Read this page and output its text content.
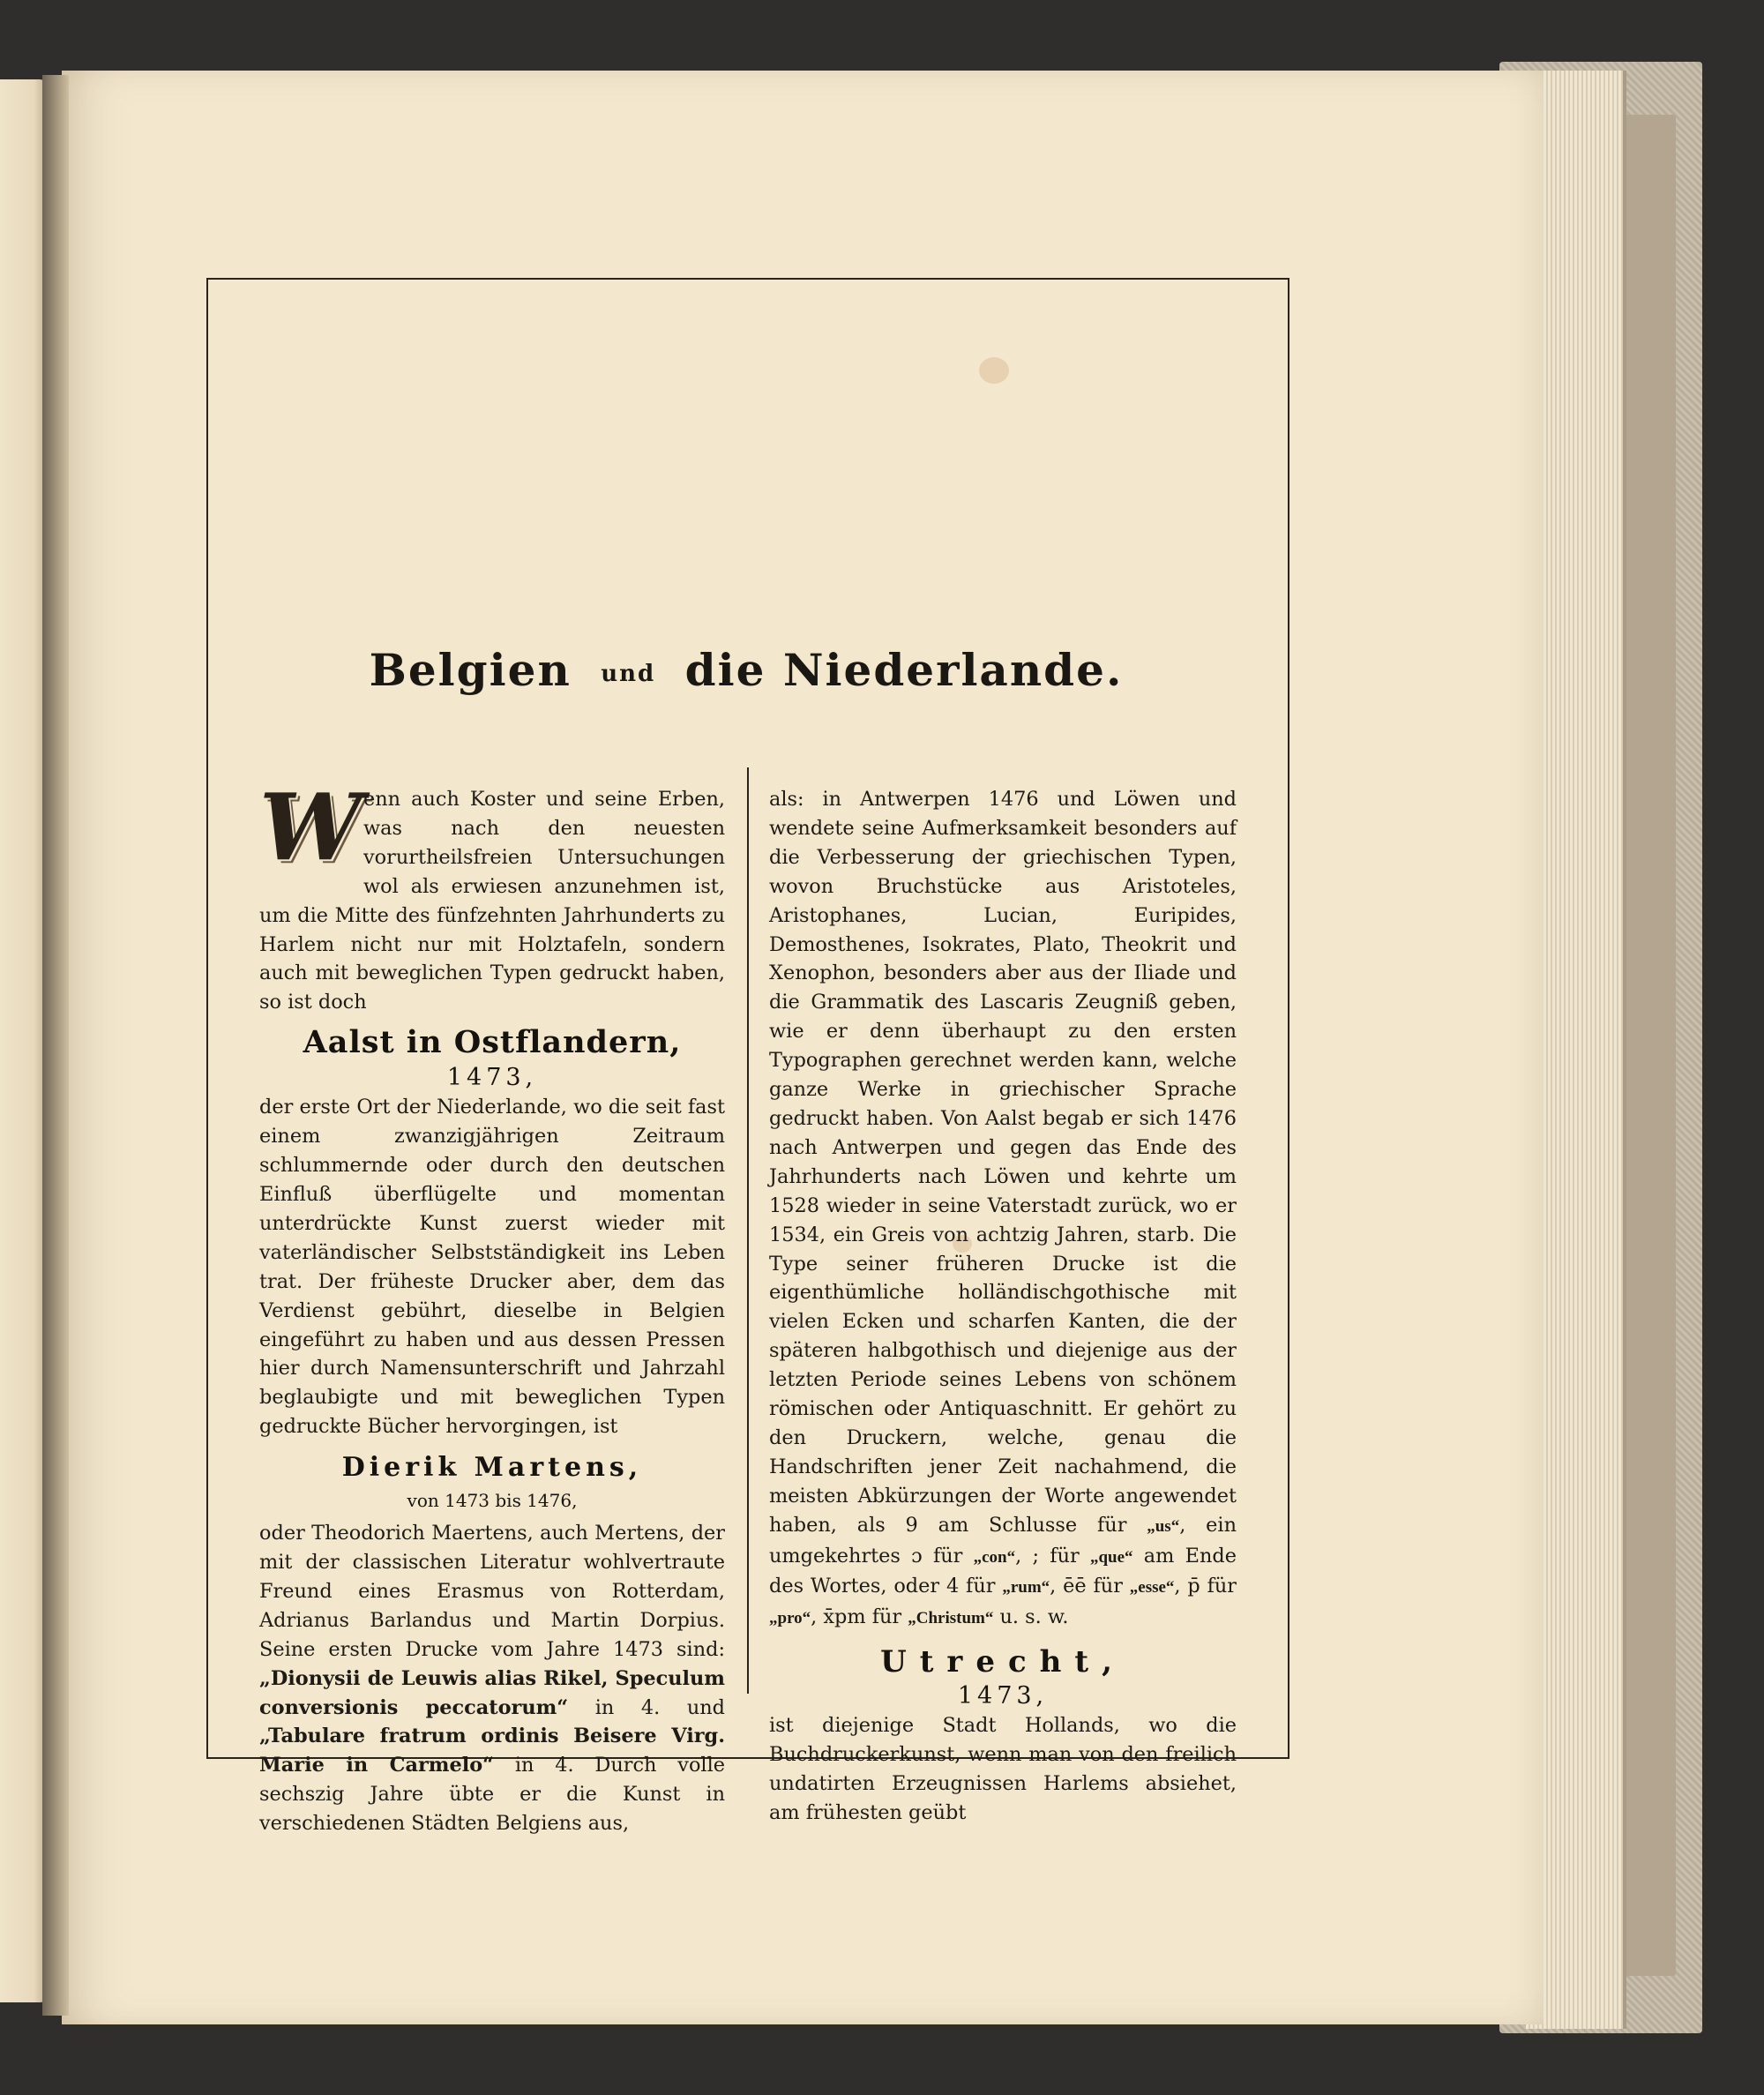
Belgien und die Niederlande.

W enn auch Koster und seine Erben, was nach den neuesten vorurtheilsfreien Untersuchungen wol als erwiesen anzunehmen ist, um die Mitte des fünfzehnten Jahrhunderts zu Harlem nicht nur mit Holztafeln, sondern auch mit beweglichen Typen gedruckt haben, so ist doch

Aalst in Ostflandern,
1473,

der erste Ort der Niederlande, wo die seit fast einem zwanzigjährigen Zeitraum schlummernde oder durch den deutschen Einfluß überflügelte und momentan unterdrückte Kunst zuerst wieder mit vaterländischer Selbstständigkeit ins Leben trat. Der früheste Drucker aber, dem das Verdienst gebührt, dieselbe in Belgien eingeführt zu haben und aus dessen Pressen hier durch Namensunterschrift und Jahrzahl beglaubigte und mit beweglichen Typen gedruckte Bücher hervorgingen, ist

Dierik Martens,
von 1473 bis 1476,

oder Theodorich Maertens, auch Mertens, der mit der classischen Literatur wohlvertraute Freund eines Erasmus von Rotterdam, Adrianus Barlandus und Martin Dorpius. Seine ersten Drucke vom Jahre 1473 sind: „Dionysii de Leuwis alias Rikel, Speculum conversionis peccatorum“ in 4. und „Tabulare fratrum ordinis Beisere Virg. Marie in Carmelo“ in 4. Durch volle sechszig Jahre übte er die Kunst in verschiedenen Städten Belgiens aus,

als: in Antwerpen 1476 und Löwen und wendete seine Aufmerksamkeit besonders auf die Verbesserung der griechischen Typen, wovon Bruchstücke aus Aristoteles, Aristophanes, Lucian, Euripides, Demosthenes, Isokrates, Plato, Theokrit und Xenophon, besonders aber aus der Iliade und die Grammatik des Lascaris Zeugniß geben, wie er denn überhaupt zu den ersten Typographen gerechnet werden kann, welche ganze Werke in griechischer Sprache gedruckt haben. Von Aalst begab er sich 1476 nach Antwerpen und gegen das Ende des Jahrhunderts nach Löwen und kehrte um 1528 wieder in seine Vaterstadt zurück, wo er 1534, ein Greis von achtzig Jahren, starb. Die Type seiner früheren Drucke ist die eigenthümliche holländischgothische mit vielen Ecken und scharfen Kanten, die der späteren halbgothisch und diejenige aus der letzten Periode seines Lebens von schönem römischen oder Antiquaschnitt. Er gehört zu den Druckern, welche, genau die Handschriften jener Zeit nachahmend, die meisten Abkürzungen der Worte angewendet haben, als 9 am Schlusse für „us“, ein umgekehrtes ɔ für „con“, ; für „que“ am Ende des Wortes, oder 4 für „rum“, ēē für „esse“, p̄ für „pro“, x̄pm für „Christum“ u. s. w.

Utrecht,
1473,

ist diejenige Stadt Hollands, wo die Buchdruckerkunst, wenn man von den freilich undatirten Erzeugnissen Harlems absiehet, am frühesten geübt
